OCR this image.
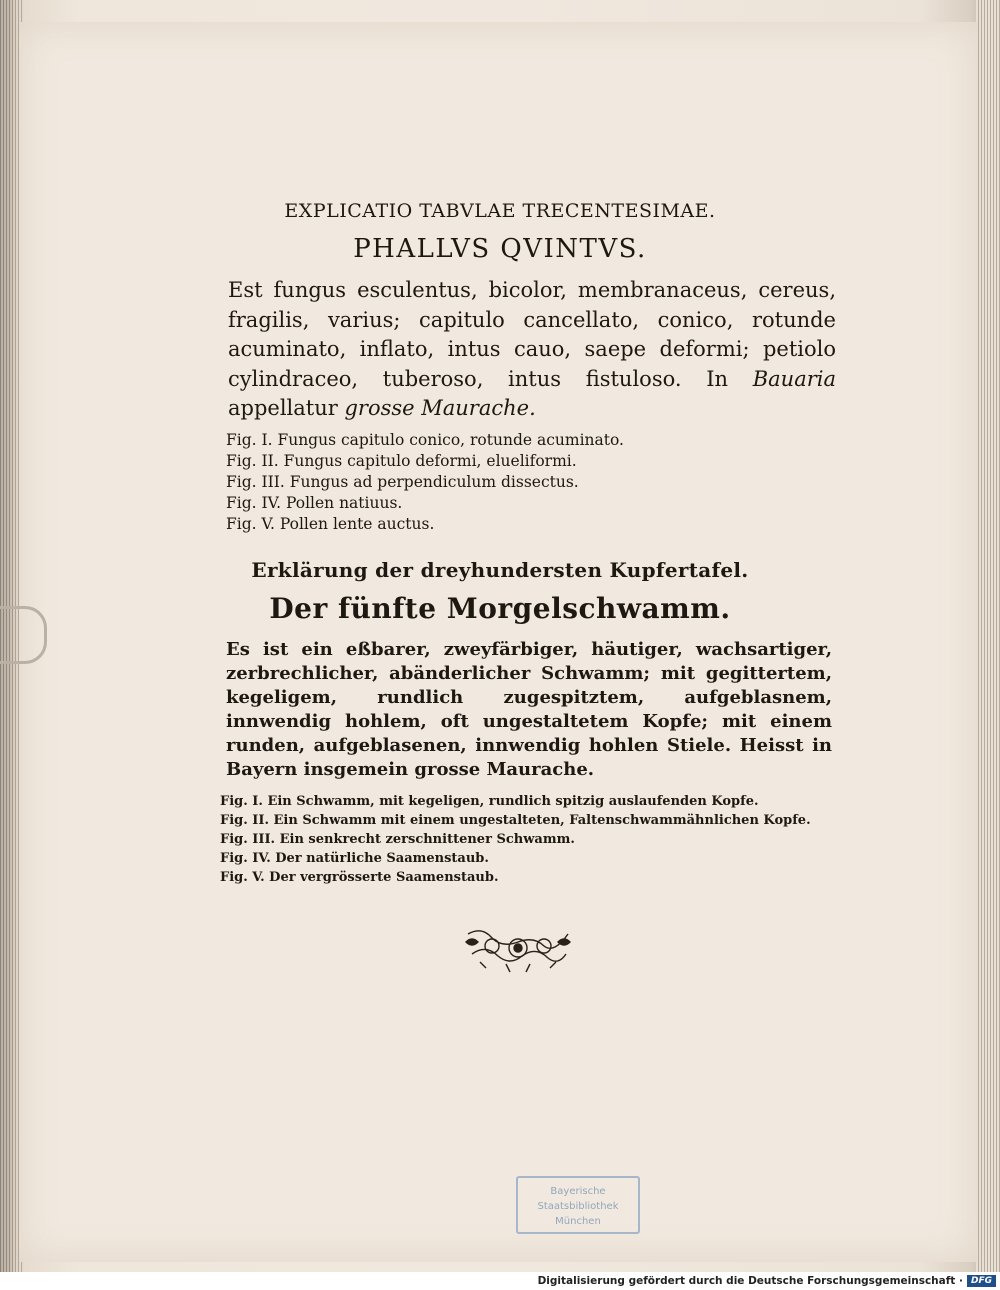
EXPLICATIO TABVLAE TRECENTESIMAE.
PHALLVS QVINTVS.
Est fungus esculentus, bicolor, membranaceus, cereus, fragilis, varius; capitulo cancellato, conico, rotunde acuminato, inflato, intus cauo, saepe deformi; petiolo cylindraceo, tuberoso, intus fistuloso. In Bauaria appellatur grosse Maurache.
Fig. I. Fungus capitulo conico, rotunde acuminato.
Fig. II. Fungus capitulo deformi, elueliformi.
Fig. III. Fungus ad perpendiculum dissectus.
Fig. IV. Pollen natiuus.
Fig. V. Pollen lente auctus.
Erklärung der dreyhundersten Kupfertafel.
Der fünfte Morgelschwamm.
Es ist ein eßbarer, zweyfärbiger, häutiger, wachsartiger, zerbrechlicher, abänderlicher Schwamm; mit gegittertem, kegeligem, rundlich zugespitztem, aufgeblasnem, innwendig hohlem, oft ungestaltetem Kopfe; mit einem runden, aufgeblasenen, innwendig hohlen Stiele. Heisst in Bayern insgemein grosse Maurache.
Fig. I. Ein Schwamm, mit kegeligen, rundlich spitzig auslaufenden Kopfe.
Fig. II. Ein Schwamm mit einem ungestalteten, Faltenschwammähnlichen Kopfe.
Fig. III. Ein senkrecht zerschnittener Schwamm.
Fig. IV. Der natürliche Saamenstaub.
Fig. V. Der vergrösserte Saamenstaub.
Bayerische
Staatsbibliothek
München
Digitalisierung gefördert durch die Deutsche Forschungsgemeinschaft · DFG
